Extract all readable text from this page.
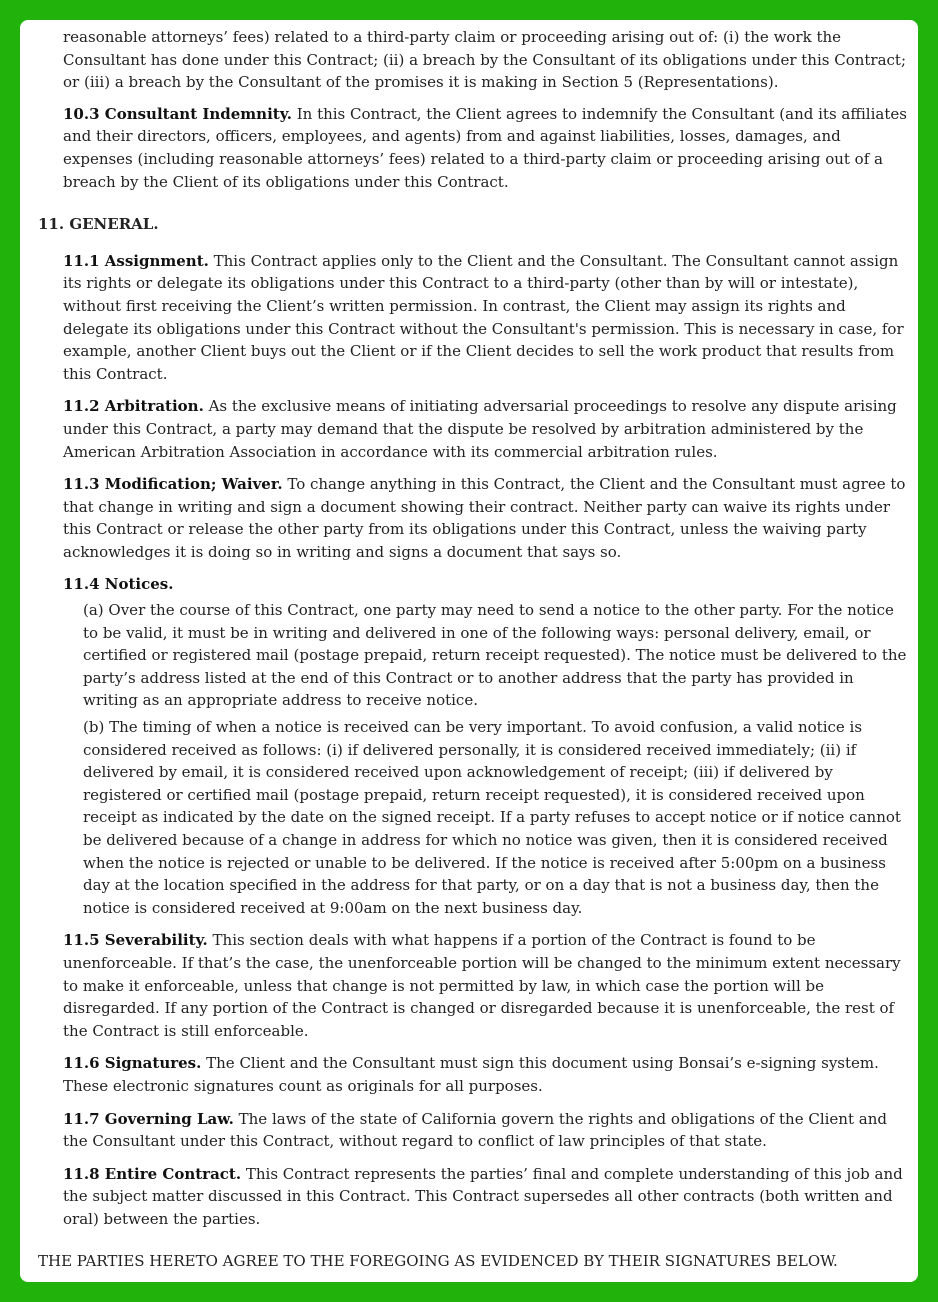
reasonable attorneys’ fees) related to a third-party claim or proceeding arising out of: (i) the work the Consultant has done under this Contract; (ii) a breach by the Consultant of its obligations under this Contract; or (iii) a breach by the Consultant of the promises it is making in Section 5 (Representations).

10.3 Consultant Indemnity. In this Contract, the Client agrees to indemnify the Consultant (and its affiliates and their directors, officers, employees, and agents) from and against liabilities, losses, damages, and expenses (including reasonable attorneys’ fees) related to a third-party claim or proceeding arising out of a breach by the Client of its obligations under this Contract.

11. GENERAL.

11.1 Assignment. This Contract applies only to the Client and the Consultant. The Consultant cannot assign its rights or delegate its obligations under this Contract to a third-party (other than by will or intestate), without first receiving the Client’s written permission. In contrast, the Client may assign its rights and delegate its obligations under this Contract without the Consultant's permission. This is necessary in case, for example, another Client buys out the Client or if the Client decides to sell the work product that results from this Contract.

11.2 Arbitration. As the exclusive means of initiating adversarial proceedings to resolve any dispute arising under this Contract, a party may demand that the dispute be resolved by arbitration administered by the American Arbitration Association in accordance with its commercial arbitration rules.

11.3 Modification; Waiver. To change anything in this Contract, the Client and the Consultant must agree to that change in writing and sign a document showing their contract. Neither party can waive its rights under this Contract or release the other party from its obligations under this Contract, unless the waiving party acknowledges it is doing so in writing and signs a document that says so.

11.4 Notices.

(a) Over the course of this Contract, one party may need to send a notice to the other party. For the notice to be valid, it must be in writing and delivered in one of the following ways: personal delivery, email, or certified or registered mail (postage prepaid, return receipt requested). The notice must be delivered to the party’s address listed at the end of this Contract or to another address that the party has provided in writing as an appropriate address to receive notice.

(b) The timing of when a notice is received can be very important. To avoid confusion, a valid notice is considered received as follows: (i) if delivered personally, it is considered received immediately; (ii) if delivered by email, it is considered received upon acknowledgement of receipt; (iii) if delivered by registered or certified mail (postage prepaid, return receipt requested), it is considered received upon receipt as indicated by the date on the signed receipt. If a party refuses to accept notice or if notice cannot be delivered because of a change in address for which no notice was given, then it is considered received when the notice is rejected or unable to be delivered. If the notice is received after 5:00pm on a business day at the location specified in the address for that party, or on a day that is not a business day, then the notice is considered received at 9:00am on the next business day.

11.5 Severability. This section deals with what happens if a portion of the Contract is found to be unenforceable. If that’s the case, the unenforceable portion will be changed to the minimum extent necessary to make it enforceable, unless that change is not permitted by law, in which case the portion will be disregarded. If any portion of the Contract is changed or disregarded because it is unenforceable, the rest of the Contract is still enforceable.

11.6 Signatures. The Client and the Consultant must sign this document using Bonsai’s e-signing system. These electronic signatures count as originals for all purposes.

11.7 Governing Law. The laws of the state of California govern the rights and obligations of the Client and the Consultant under this Contract, without regard to conflict of law principles of that state.

11.8 Entire Contract. This Contract represents the parties’ final and complete understanding of this job and the subject matter discussed in this Contract. This Contract supersedes all other contracts (both written and oral) between the parties.

THE PARTIES HERETO AGREE TO THE FOREGOING AS EVIDENCED BY THEIR SIGNATURES BELOW.
